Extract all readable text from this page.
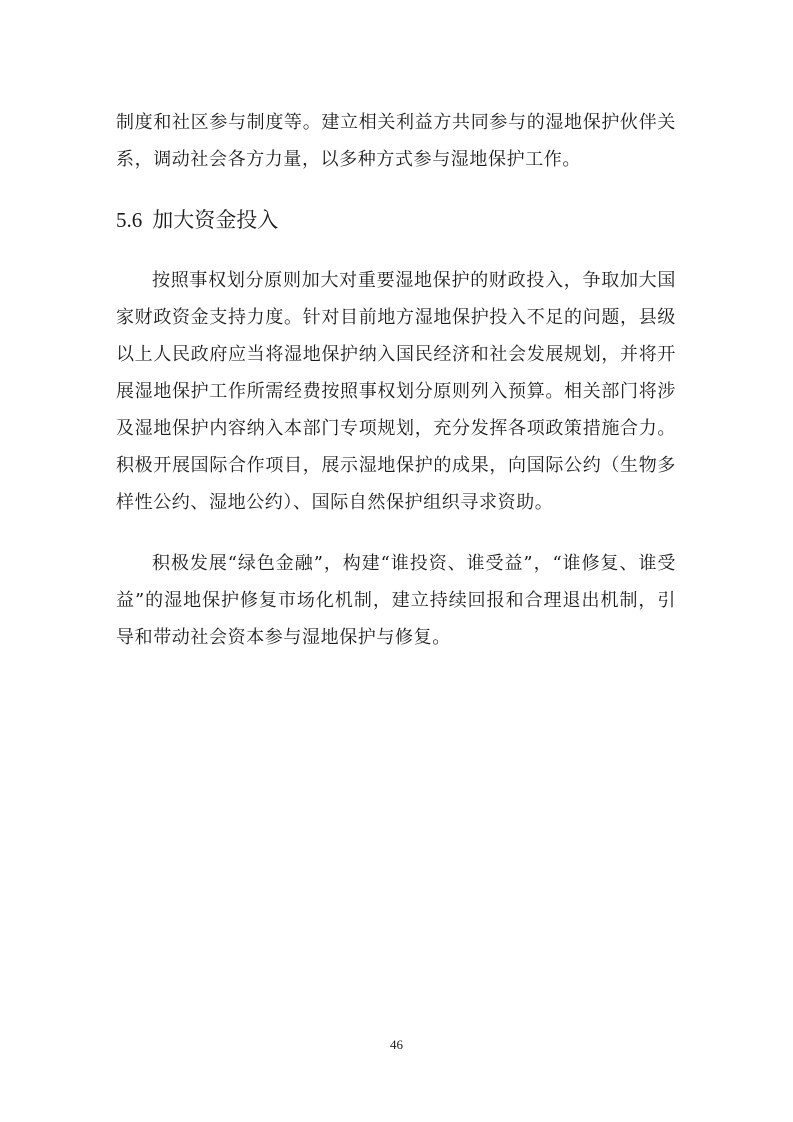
制度和社区参与制度等。建立相关利益方共同参与的湿地保护伙伴关系，调动社会各方力量，以多种方式参与湿地保护工作。

5.6 加大资金投入

按照事权划分原则加大对重要湿地保护的财政投入，争取加大国家财政资金支持力度。针对目前地方湿地保护投入不足的问题，县级以上人民政府应当将湿地保护纳入国民经济和社会发展规划，并将开展湿地保护工作所需经费按照事权划分原则列入预算。相关部门将涉及湿地保护内容纳入本部门专项规划，充分发挥各项政策措施合力。积极开展国际合作项目，展示湿地保护的成果，向国际公约（生物多样性公约、湿地公约）、国际自然保护组织寻求资助。

积极发展“绿色金融”，构建“谁投资、谁受益”，“谁修复、谁受益”的湿地保护修复市场化机制，建立持续回报和合理退出机制，引导和带动社会资本参与湿地保护与修复。

46
